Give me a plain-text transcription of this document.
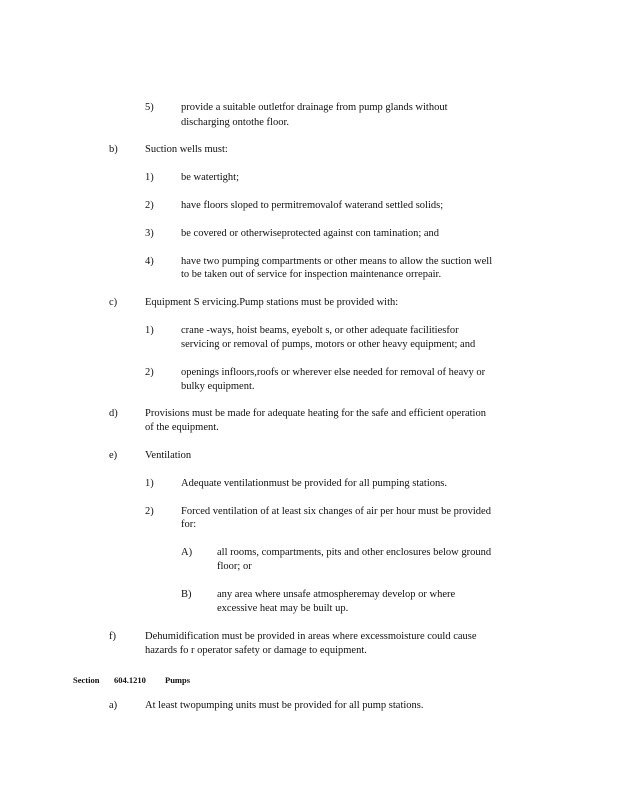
5)	provide a suitable outletfor drainage from pump glands without
discharging ontothe floor.
b)	Suction wells must:
1)	be watertight;
2)	have floors sloped to permitremovalof waterand settled solids;
3)	be covered or otherwiseprotected against con tamination; and
4)	have two pumping compartments or other means to allow the suction well
to be taken out of service for inspection maintenance orrepair.
c)	Equipment S ervicing.Pump stations must be provided with:
1)	crane -ways, hoist beams, eyebolt s, or other adequate facilitiesfor
servicing or removal of pumps, motors or other heavy equipment; and
2)	openings infloors,roofs or wherever else needed for removal of heavy or
bulky equipment.
d)	Provisions must be made for adequate heating for the safe and efficient operation
of the equipment.
e)	Ventilation
1)	Adequate ventilationmust be provided for all pumping stations.
2)	Forced ventilation of at least six changes of air per hour must be provided
for:
A) all rooms, compartments, pits and other enclosures below ground
floor; or
B) any area where unsafe atmospheremay develop or where
excessive heat may be built up.
f)	Dehumidification must be provided in areas where excessmoisture could cause
hazards fo r operator safety or damage to equipment.
Section 604.1210 Pumps
a)	At least twopumping units must be provided for all pump stations.
